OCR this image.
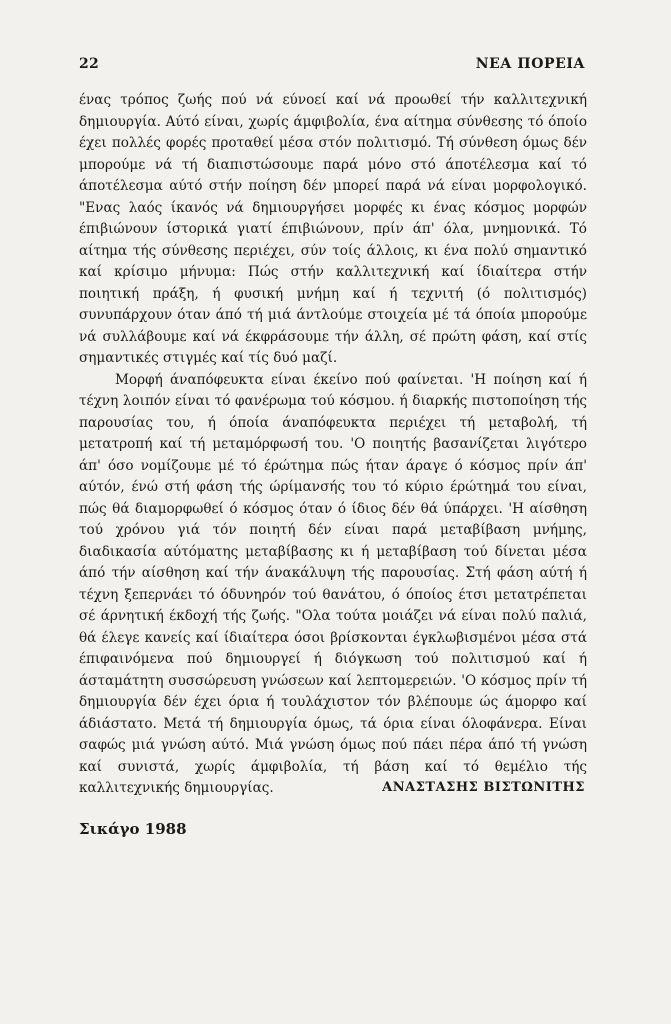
22	ΝΕΑ ΠΟΡΕΙΑ

ένας τρόπος ζωής πού νά εύνοεί καί νά προωθεί τήν καλλιτεχνική δημιουργία. Αύτό είναι, χωρίς άμφιβολία, ένα αίτημα σύνθεσης τό όποίο έχει πολλές φορές προταθεί μέσα στόν πολιτισμό. Τή σύνθεση όμως δέν μπορούμε νά τή διαπιστώσουμε παρά μόνο στό άποτέλεσμα καί τό άποτέλεσμα αύτό στήν ποίηση δέν μπορεί παρά νά είναι μορφολογικό. "Ενας λαός ίκανός νά δημιουργήσει μορφές κι ένας κόσμος μορφών έπιβιώνουν ίστορικά γιατί έπιβιώνουν, πρίν άπ' όλα, μνημονικά. Τό αίτημα τής σύνθεσης περιέχει, σύν τοίς άλλοις, κι ένα πολύ σημαντικό καί κρίσιμο μήνυμα: Πώς στήν καλλιτεχνική καί ίδιαίτερα στήν ποιητική πράξη, ή φυσική μνήμη καί ή τεχνιτή (ό πολιτισμός) συνυπάρχουν όταν άπό τή μιά άντλούμε στοιχεία μέ τά όποία μπορούμε νά συλλάβουμε καί νά έκφράσουμε τήν άλλη, σέ πρώτη φάση, καί στίς σημαντικές στιγμές καί τίς δυό μαζί.

Μορφή άναπόφευκτα είναι έκείνο πού φαίνεται. 'Η ποίηση καί ή τέχνη λοιπόν είναι τό φανέρωμα τού κόσμου. ή διαρκής πιστοποίηση τής παρουσίας του, ή όποία άναπόφευκτα περιέχει τή μεταβολή, τή μετατροπή καί τή μεταμόρφωσή του. 'Ο ποιητής βασανίζεται λιγότερο άπ' όσο νομίζουμε μέ τό έρώτημα πώς ήταν άραγε ό κόσμος πρίν άπ' αύτόν, ένώ στή φάση τής ώρίμανσής του τό κύριο έρώτημά του είναι, πώς θά διαμορφωθεί ό κόσμος όταν ό ίδιος δέν θά ύπάρχει. 'Η αίσθηση τού χρόνου γιά τόν ποιητή δέν είναι παρά μεταβίβαση μνήμης, διαδικασία αύτόματης μεταβίβασης κι ή μεταβίβαση τού δίνεται μέσα άπό τήν αίσθηση καί τήν άνακάλυψη τής παρουσίας. Στή φάση αύτή ή τέχνη ξεπερνάει τό όδυνηρόν τού θανάτου, ό όποίος έτσι μετατρέπεται σέ άρνητική έκδοχή τής ζωής. "Ολα τούτα μοιάζει νά είναι πολύ παλιά, θά έλεγε κανείς καί ίδιαίτερα όσοι βρίσκονται έγκλωβισμένοι μέσα στά έπιφαινόμενα πού δημιουργεί ή διόγκωση τού πολιτισμού καί ή άσταμάτητη συσσώρευση γνώσεων καί λεπτομερειών. 'Ο κόσμος πρίν τή δημιουργία δέν έχει όρια ή τουλάχιστον τόν βλέπουμε ώς άμορφο καί άδιάστατο. Μετά τή δημιουργία όμως, τά όρια είναι όλοφάνερα. Είναι σαφώς μιά γνώση αύτό. Μιά γνώση όμως πού πάει πέρα άπό τή γνώση καί συνιστά, χωρίς άμφιβολία, τή βάση καί τό θεμέλιο τής καλλιτεχνικής δημιουργίας.	ΑΝΑΣΤΑΣΗΣ ΒΙΣΤΩΝΙΤΗΣ
Σικάγο 1988
